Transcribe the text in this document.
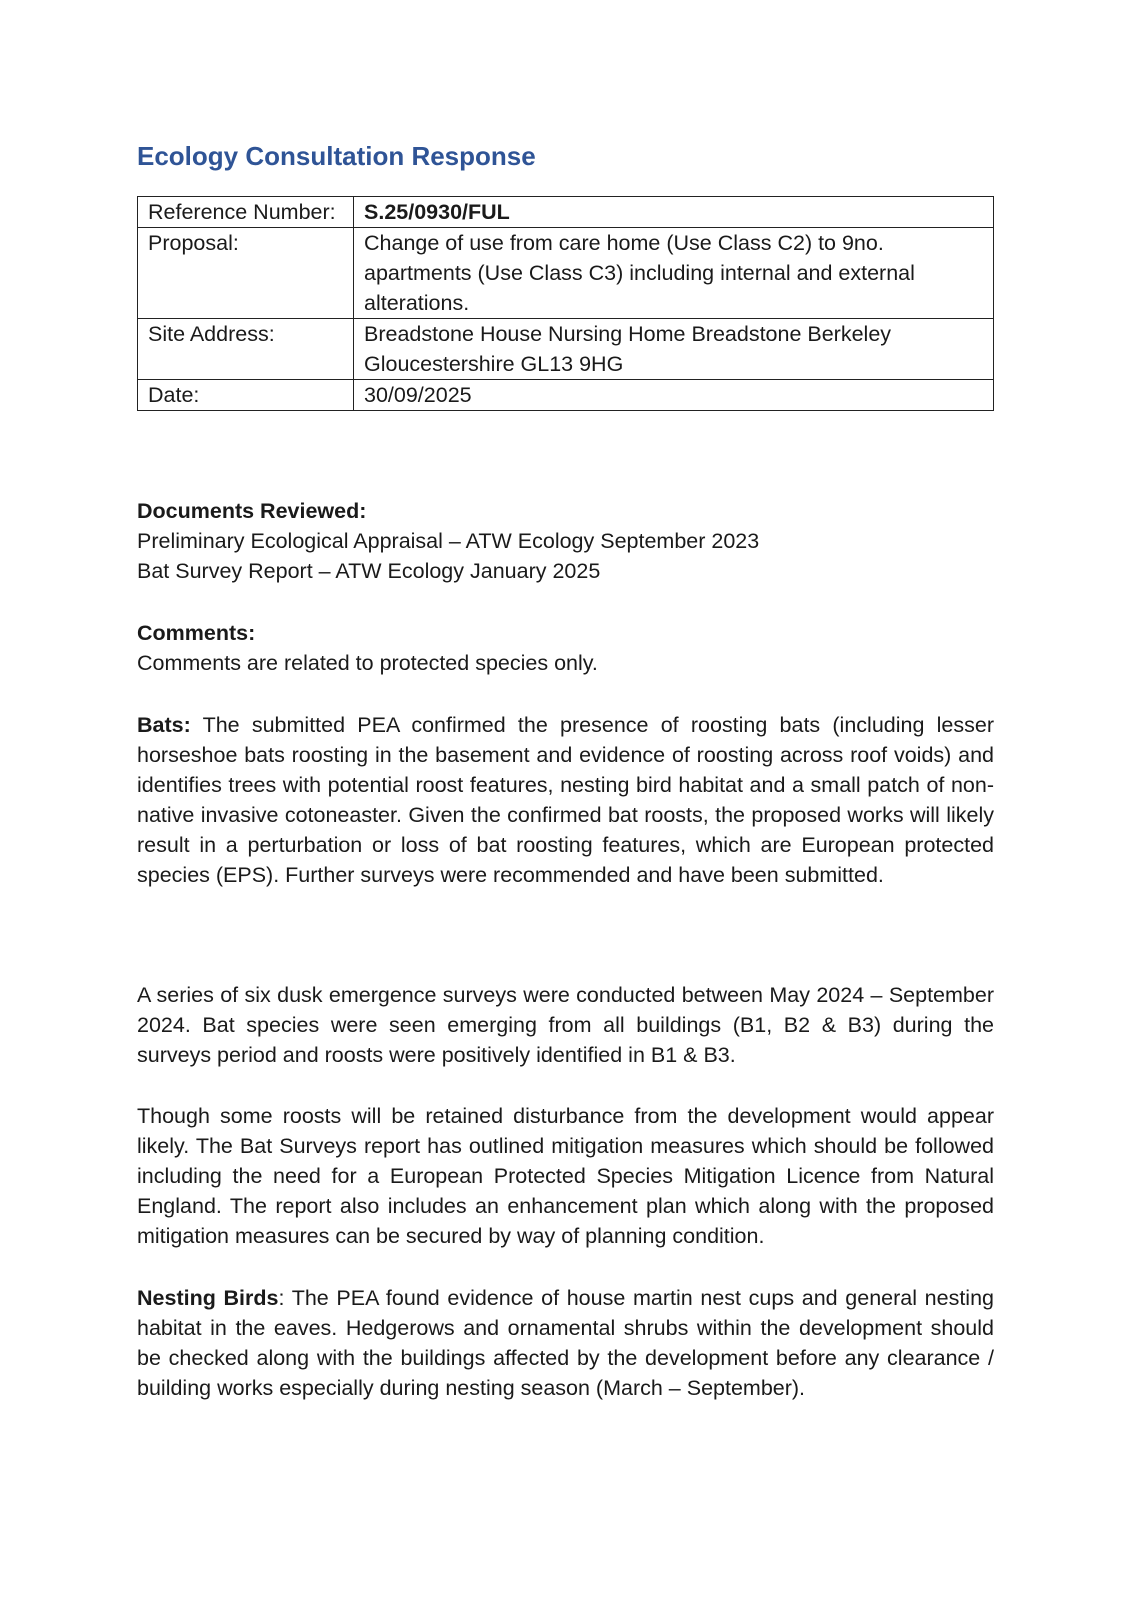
Ecology Consultation Response
Reference Number:	S.25/0930/FUL
Proposal:	Change of use from care home (Use Class C2) to 9no. apartments (Use Class C3) including internal and external alterations.
Site Address:	Breadstone House Nursing Home Breadstone Berkeley Gloucestershire GL13 9HG
Date:	30/09/2025
Documents Reviewed:
Preliminary Ecological Appraisal – ATW Ecology September 2023
Bat Survey Report – ATW Ecology January 2025
Comments:
Comments are related to protected species only.

Bats: The submitted PEA confirmed the presence of roosting bats (including lesser horseshoe bats roosting in the basement and evidence of roosting across roof voids) and identifies trees with potential roost features, nesting bird habitat and a small patch of non-native invasive cotoneaster. Given the confirmed bat roosts, the proposed works will likely result in a perturbation or loss of bat roosting features, which are European protected species (EPS). Further surveys were recommended and have been submitted.

A series of six dusk emergence surveys were conducted between May 2024 – September 2024. Bat species were seen emerging from all buildings (B1, B2 & B3) during the surveys period and roosts were positively identified in B1 & B3.

Though some roosts will be retained disturbance from the development would appear likely. The Bat Surveys report has outlined mitigation measures which should be followed including the need for a European Protected Species Mitigation Licence from Natural England. The report also includes an enhancement plan which along with the proposed mitigation measures can be secured by way of planning condition.

Nesting Birds: The PEA found evidence of house martin nest cups and general nesting habitat in the eaves. Hedgerows and ornamental shrubs within the development should be checked along with the buildings affected by the development before any clearance / building works especially during nesting season (March – September).
